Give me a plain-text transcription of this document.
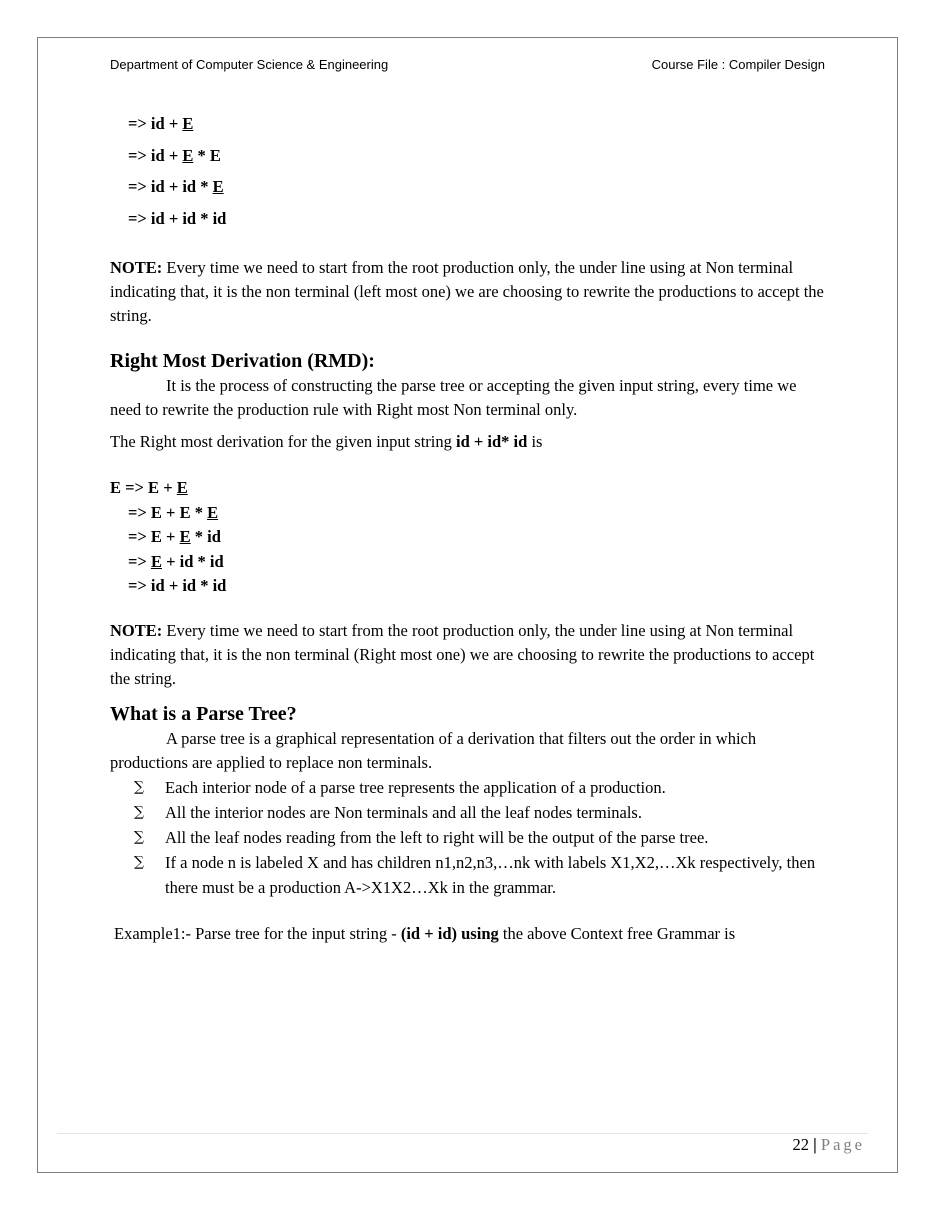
Department of Computer Science & Engineering	Course File : Compiler Design
=> id + E
=> id + E * E
=> id + id * E
=> id + id * id

NOTE: Every time we need to start from the root production only, the under line using at Non terminal indicating that, it is the non terminal (left most one) we are choosing to rewrite the productions to accept the string.

Right Most Derivation (RMD):

It is the process of constructing the parse tree or accepting the given input string, every time we need to rewrite the production rule with Right most Non terminal only.

The Right most derivation for the given input string id + id* id is

E => E + E
=> E + E * E
=> E + E * id
=> E + id * id
=> id + id * id

NOTE: Every time we need to start from the root production only, the under line using at Non terminal indicating that, it is the non terminal (Right most one) we are choosing to rewrite the productions to accept the string.

What is a Parse Tree?

A parse tree is a graphical representation of a derivation that filters out the order in which productions are applied to replace non terminals.

∑ Each interior node of a parse tree represents the application of a production.
∑ All the interior nodes are Non terminals and all the leaf nodes terminals.
∑ All the leaf nodes reading from the left to right will be the output of the parse tree.
∑ If a node n is labeled X and has children n1,n2,n3,…nk with labels X1,X2,…Xk respectively, then there must be a production A->X1X2…Xk in the grammar.

Example1:- Parse tree for the input string - (id + id) using the above Context free Grammar is

22 | Page
